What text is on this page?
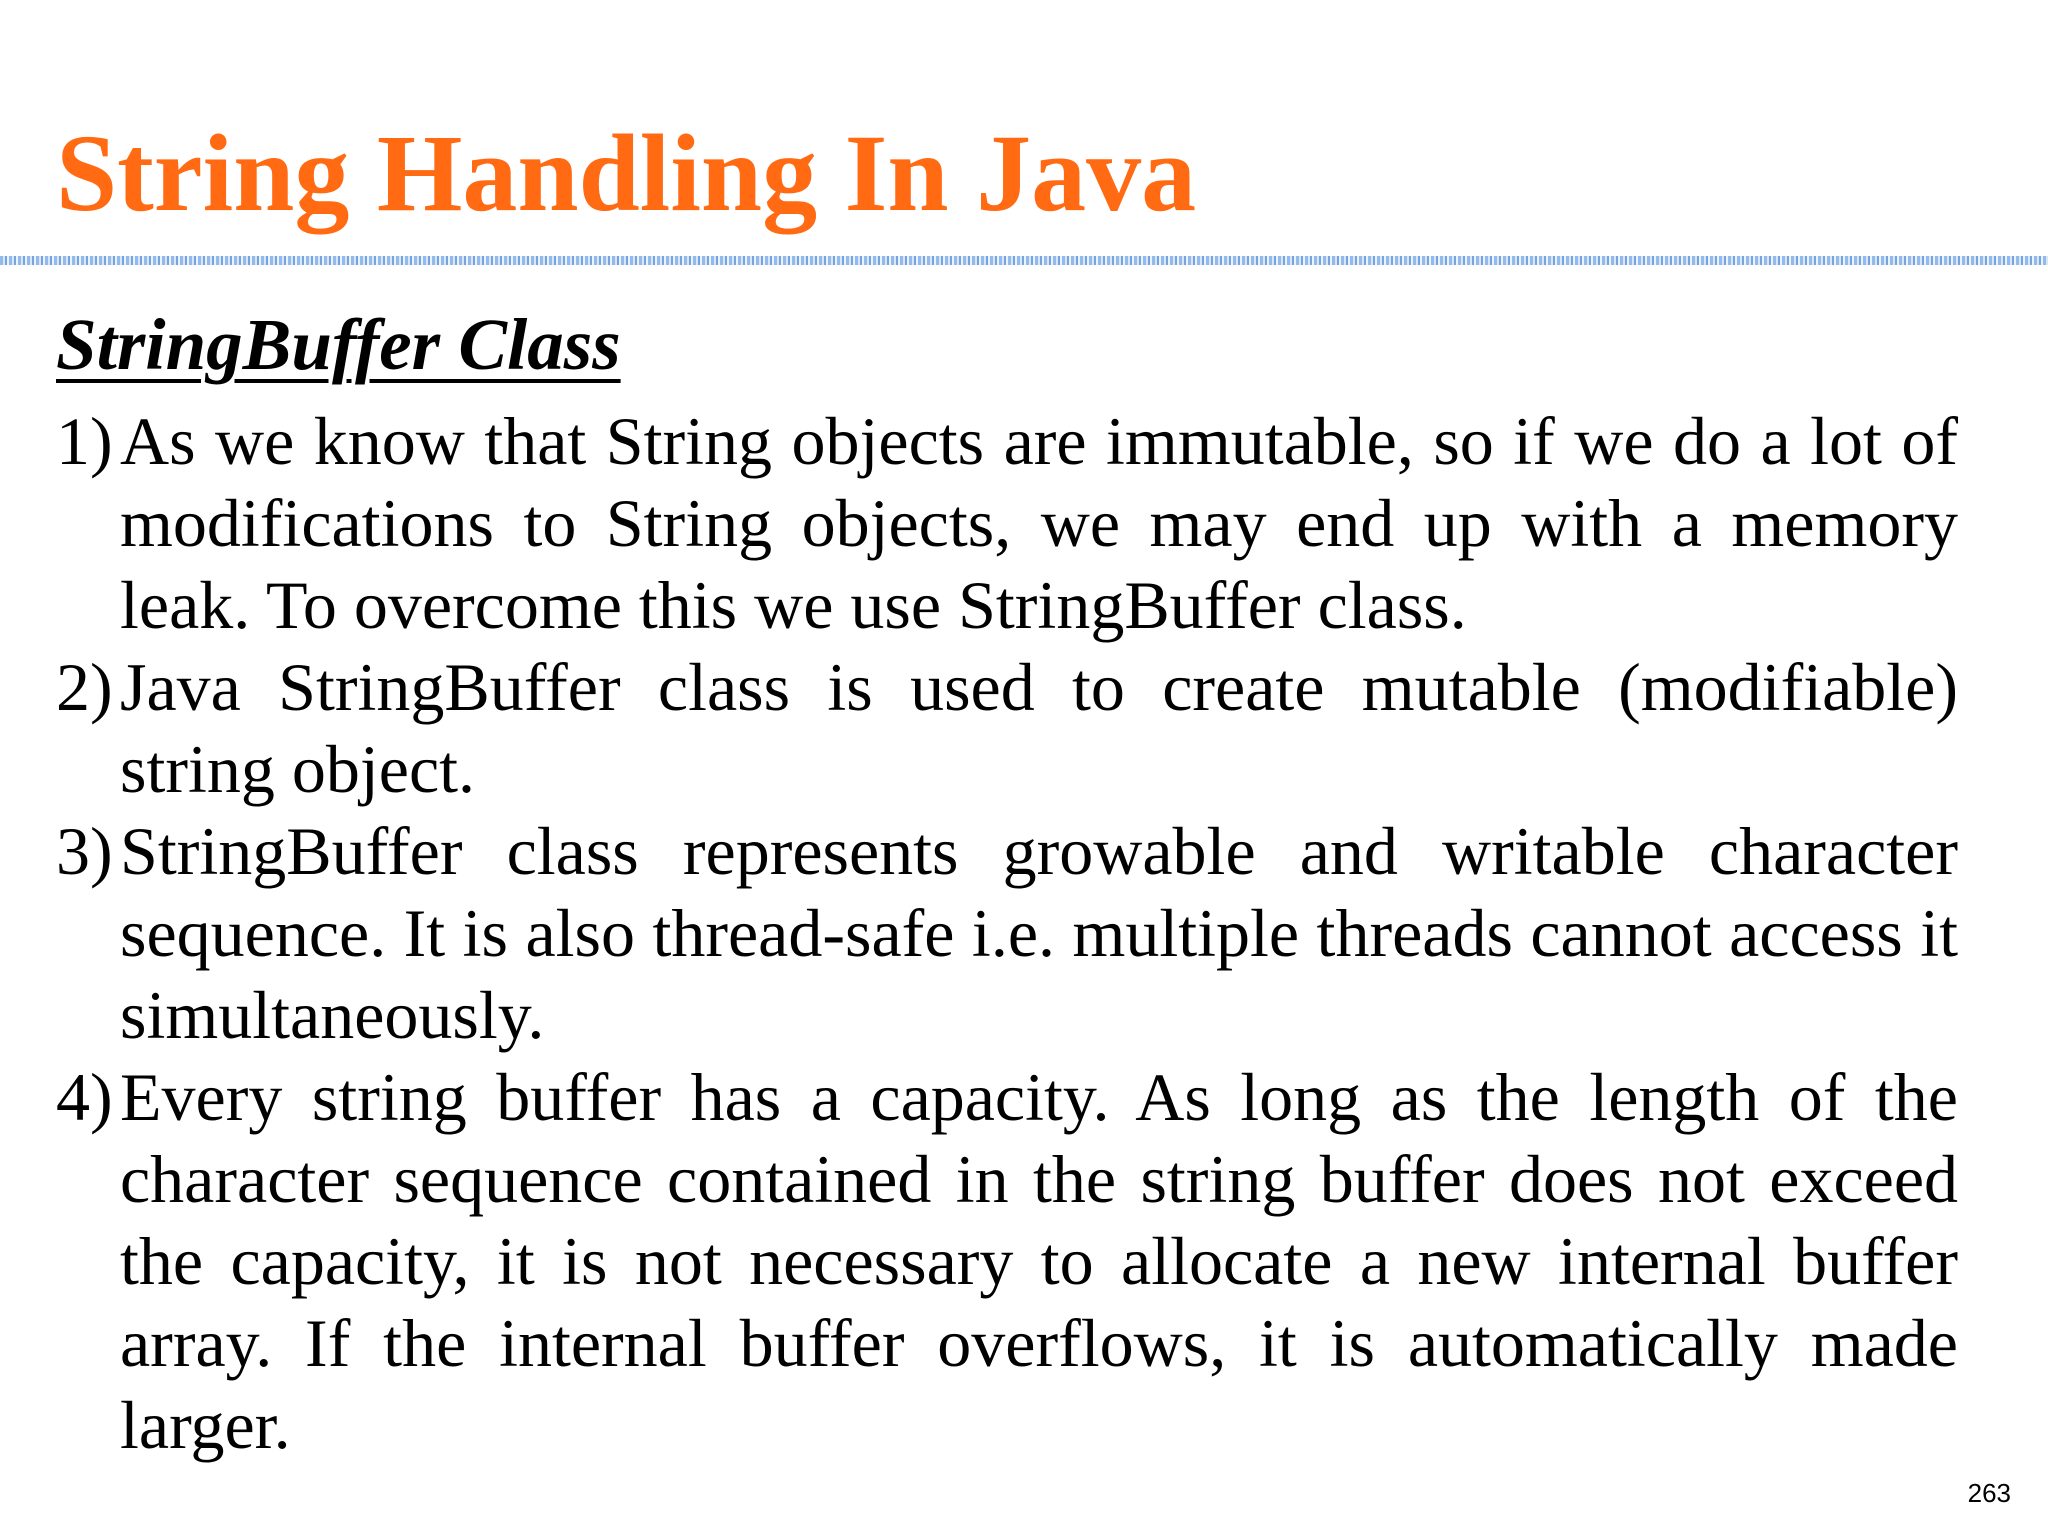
String Handling In Java
StringBuffer Class
1) As we know that String objects are immutable, so if we do a lot of modifications to String objects, we may end up with a memory leak. To overcome this we use StringBuffer class.
2) Java StringBuffer class is used to create mutable (modifiable) string object.
3) StringBuffer class represents growable and writable character sequence. It is also thread-safe i.e. multiple threads cannot access it simultaneously.
4) Every string buffer has a capacity. As long as the length of the character sequence contained in the string buffer does not exceed the capacity, it is not necessary to allocate a new internal buffer array. If the internal buffer overflows, it is automatically made larger.
263
